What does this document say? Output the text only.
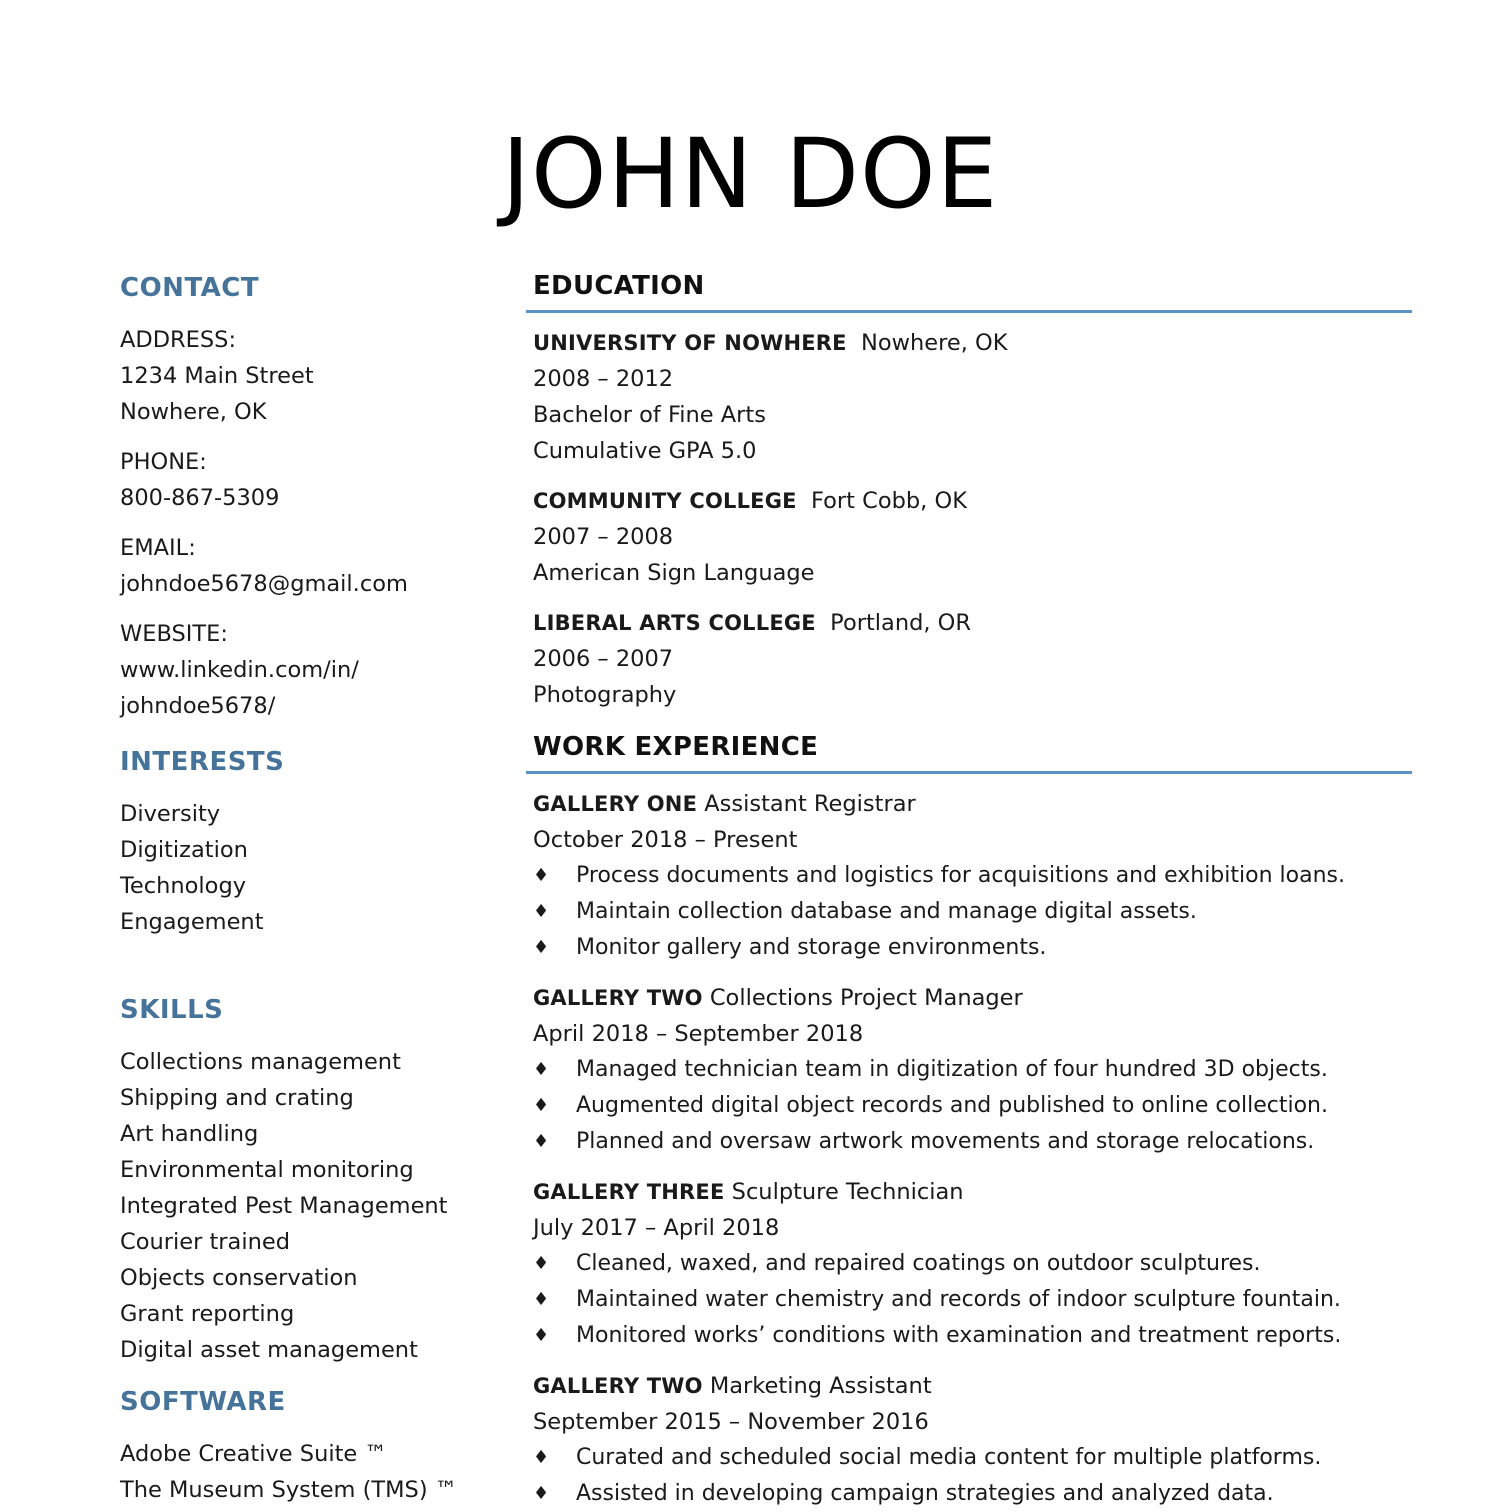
JOHN DOE
CONTACT
ADDRESS:
1234 Main Street
Nowhere, OK
PHONE:
800-867-5309
EMAIL:
johndoe5678@gmail.com
WEBSITE:
www.linkedin.com/in/
johndoe5678/
INTERESTS
Diversity
Digitization
Technology
Engagement
SKILLS
Collections management
Shipping and crating
Art handling
Environmental monitoring
Integrated Pest Management
Courier trained
Objects conservation
Grant reporting
Digital asset management
SOFTWARE
Adobe Creative Suite ™
The Museum System (TMS) ™
EDUCATION
UNIVERSITY OF NOWHERE Nowhere, OK
2008 – 2012
Bachelor of Fine Arts
Cumulative GPA 5.0
COMMUNITY COLLEGE Fort Cobb, OK
2007 – 2008
American Sign Language
LIBERAL ARTS COLLEGE Portland, OR
2006 – 2007
Photography
WORK EXPERIENCE
GALLERY ONE Assistant Registrar
October 2018 – Present
♦ Process documents and logistics for acquisitions and exhibition loans.
♦ Maintain collection database and manage digital assets.
♦ Monitor gallery and storage environments.
GALLERY TWO Collections Project Manager
April 2018 – September 2018
♦ Managed technician team in digitization of four hundred 3D objects.
♦ Augmented digital object records and published to online collection.
♦ Planned and oversaw artwork movements and storage relocations.
GALLERY THREE Sculpture Technician
July 2017 – April 2018
♦ Cleaned, waxed, and repaired coatings on outdoor sculptures.
♦ Maintained water chemistry and records of indoor sculpture fountain.
♦ Monitored works’ conditions with examination and treatment reports.
GALLERY TWO Marketing Assistant
September 2015 – November 2016
♦ Curated and scheduled social media content for multiple platforms.
♦ Assisted in developing campaign strategies and analyzed data.
